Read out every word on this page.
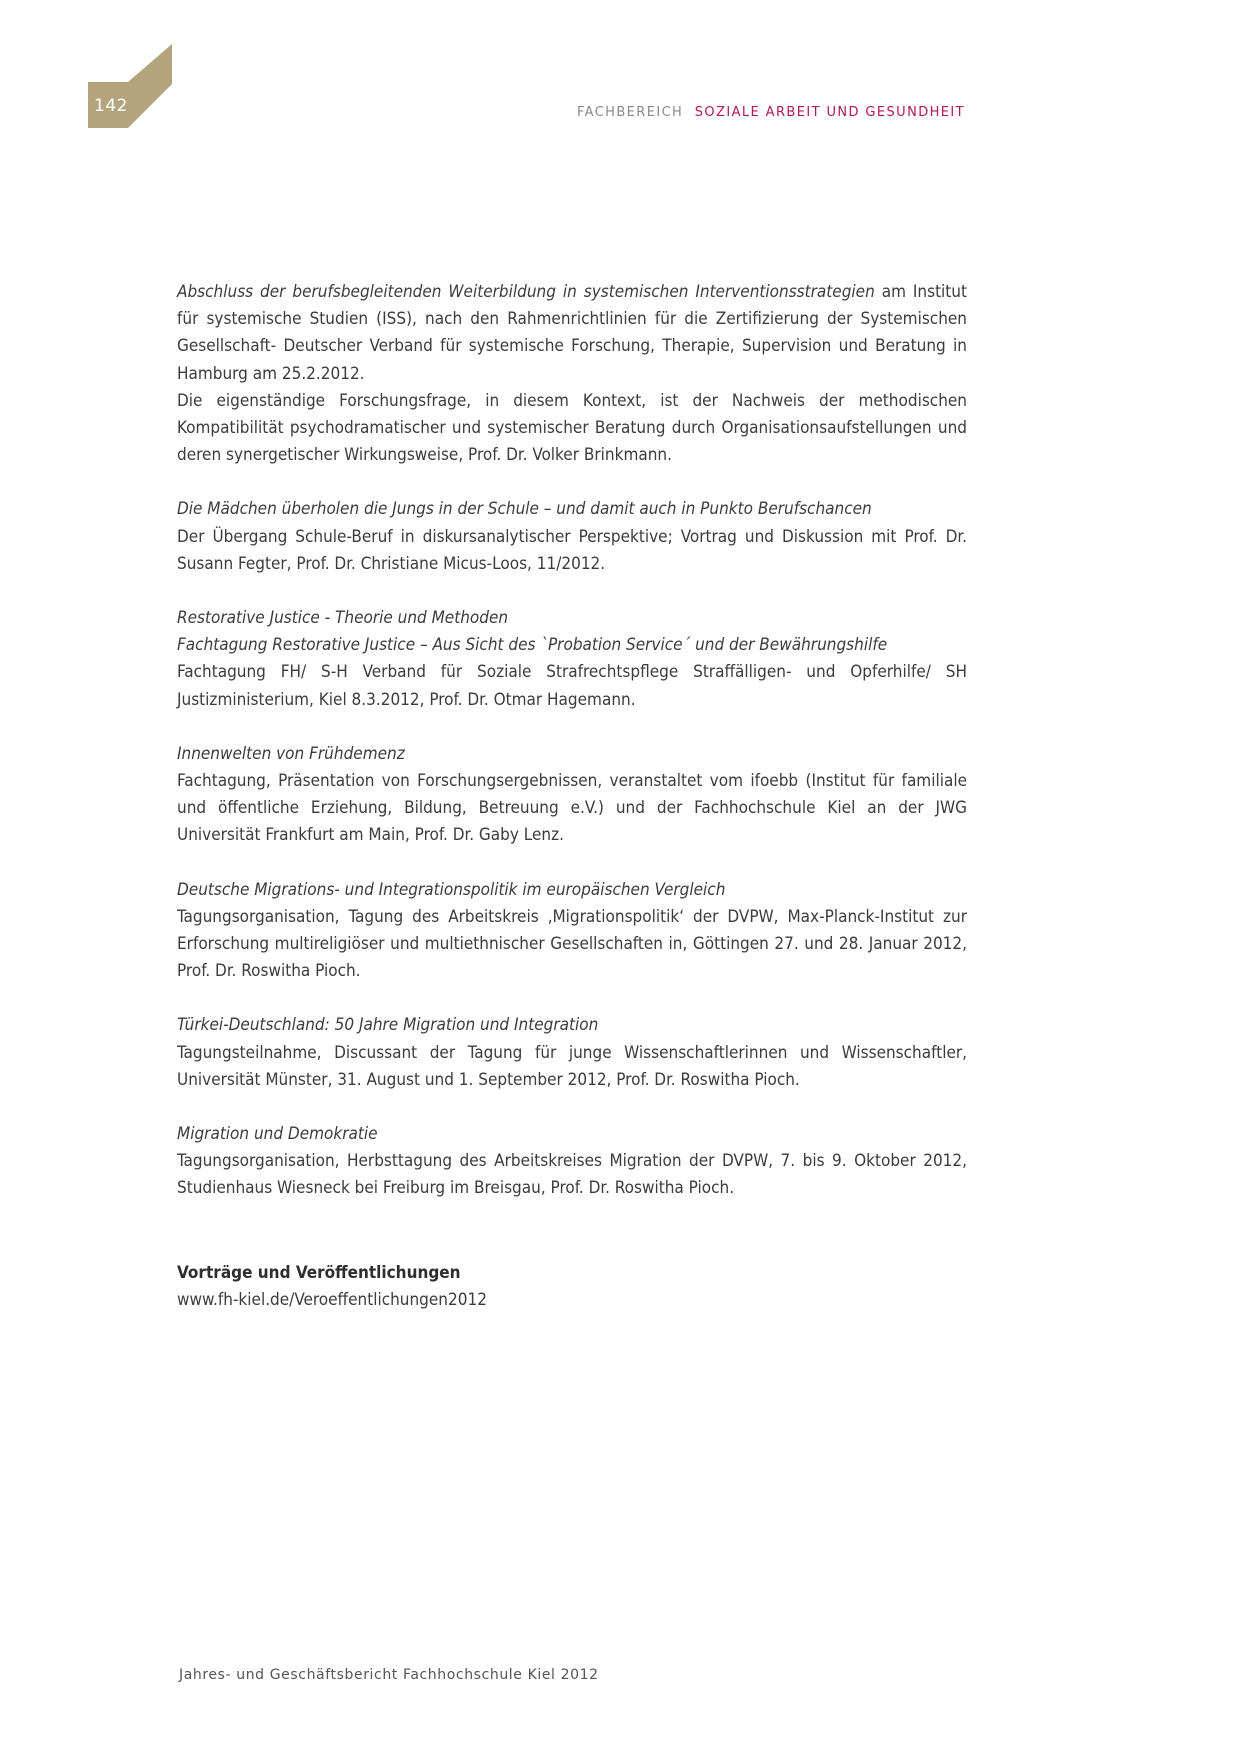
142	FACHBEREICH SOZIALE ARBEIT UND GESUNDHEIT

Abschluss der berufsbegleitenden Weiterbildung in systemischen Interventionsstrategien am Institut für systemische Studien (ISS), nach den Rahmenrichtlinien für die Zertifizierung der Systemischen Gesellschaft- Deutscher Verband für systemische Forschung, Therapie, Supervision und Beratung in Hamburg am 25.2.2012.

Die eigenständige Forschungsfrage, in diesem Kontext, ist der Nachweis der methodischen Kompatibilität psychodramatischer und systemischer Beratung durch Organisationsaufstellungen und deren synergetischer Wirkungsweise, Prof. Dr. Volker Brinkmann.

Die Mädchen überholen die Jungs in der Schule – und damit auch in Punkto Berufschancen

Der Übergang Schule-Beruf in diskursanalytischer Perspektive; Vortrag und Diskussion mit Prof. Dr. Susann Fegter, Prof. Dr. Christiane Micus-Loos, 11/2012.

Restorative Justice - Theorie und Methoden

Fachtagung Restorative Justice – Aus Sicht des `Probation Service´ und der Bewährungshilfe

Fachtagung FH/ S-H Verband für Soziale Strafrechtspflege Straffälligen- und Opferhilfe/ SH Justizministerium, Kiel 8.3.2012, Prof. Dr. Otmar Hagemann.

Innenwelten von Frühdemenz

Fachtagung, Präsentation von Forschungsergebnissen, veranstaltet vom ifoebb (Institut für familiale und öffentliche Erziehung, Bildung, Betreuung e.V.) und der Fachhochschule Kiel an der JWG Universität Frankfurt am Main, Prof. Dr. Gaby Lenz.

Deutsche Migrations- und Integrationspolitik im europäischen Vergleich

Tagungsorganisation, Tagung des Arbeitskreis ‚Migrationspolitik‘ der DVPW, Max-Planck-Institut zur Erforschung multireligiöser und multiethnischer Gesellschaften in, Göttingen 27. und 28. Januar 2012, Prof. Dr. Roswitha Pioch.

Türkei-Deutschland: 50 Jahre Migration und Integration

Tagungsteilnahme, Discussant der Tagung für junge Wissenschaftlerinnen und Wissenschaftler, Universität Münster, 31. August und 1. September 2012, Prof. Dr. Roswitha Pioch.

Migration und Demokratie

Tagungsorganisation, Herbsttagung des Arbeitskreises Migration der DVPW, 7. bis 9. Oktober 2012, Studienhaus Wiesneck bei Freiburg im Breisgau, Prof. Dr. Roswitha Pioch.

Vorträge und Veröffentlichungen
www.fh-kiel.de/Veroeffentlichungen2012
Jahres- und Geschäftsbericht Fachhochschule Kiel 2012
